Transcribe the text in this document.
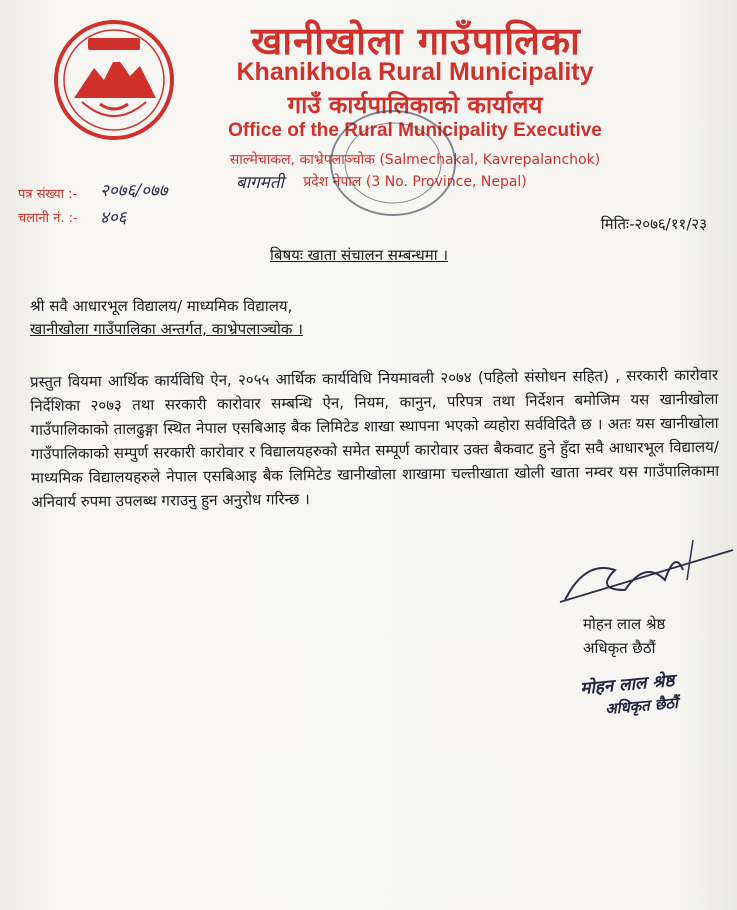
खानीखोला गाउँपालिका
Khanikhola Rural Municipality
गाउँ कार्यपालिकाको कार्यालय
Office of the Rural Municipality Executive
साल्मेचाकल, काभ्रेपलाञ्चोक (Salmechakal, Kavrepalanchok)
प्रदेश नेपाल (3 No. Province, Nepal)
पत्र संख्या :- २०७६/०७७
चलानी नं. :- ४०६
बागमती
मितिः-२०७६/११/२३
बिषयः खाता संचालन सम्बन्धमा ।
श्री सवै आधारभूल विद्यालय/ माध्यमिक विद्यालय,
खानीखोला गाउँपालिका अन्तर्गत, काभ्रेपलाञ्चोक ।
प्रस्तुत वियमा आर्थिक कार्यविधि ऐन, २०५५ आर्थिक कार्यविधि नियमावली २०७४ (पहिलो संसोधन सहित) , सरकारी कारोवार निर्देशिका २०७३ तथा सरकारी कारोवार सम्बन्धि ऐन, नियम, कानुन, परिपत्र तथा निर्देशन बमोजिम यस खानीखोला गाउँपालिकाको तालढुङ्गा स्थित नेपाल एसबिआइ बैक लिमिटेड शाखा स्थापना भएको व्यहोरा सर्वविदितै छ । अतः यस खानीखोला गाउँपालिकाको सम्पुर्ण सरकारी कारोवार र विद्यालयहरुको समेत सम्पूर्ण कारोवार उक्त बैकवाट हुने हुँदा सवै आधारभूल विद्यालय/माध्यमिक विद्यालयहरुले नेपाल एसबिआइ बैक लिमिटेड खानीखोला शाखामा चल्तीखाता खोली खाता नम्वर यस गाउँपालिकामा अनिवार्य रुपमा उपलब्ध गराउनु हुन अनुरोध गरिन्छ ।
मोहन लाल श्रेष्ठ
अधिकृत छैठौं
मोहन लाल श्रेष्ठ
अधिकृत छैठौं
